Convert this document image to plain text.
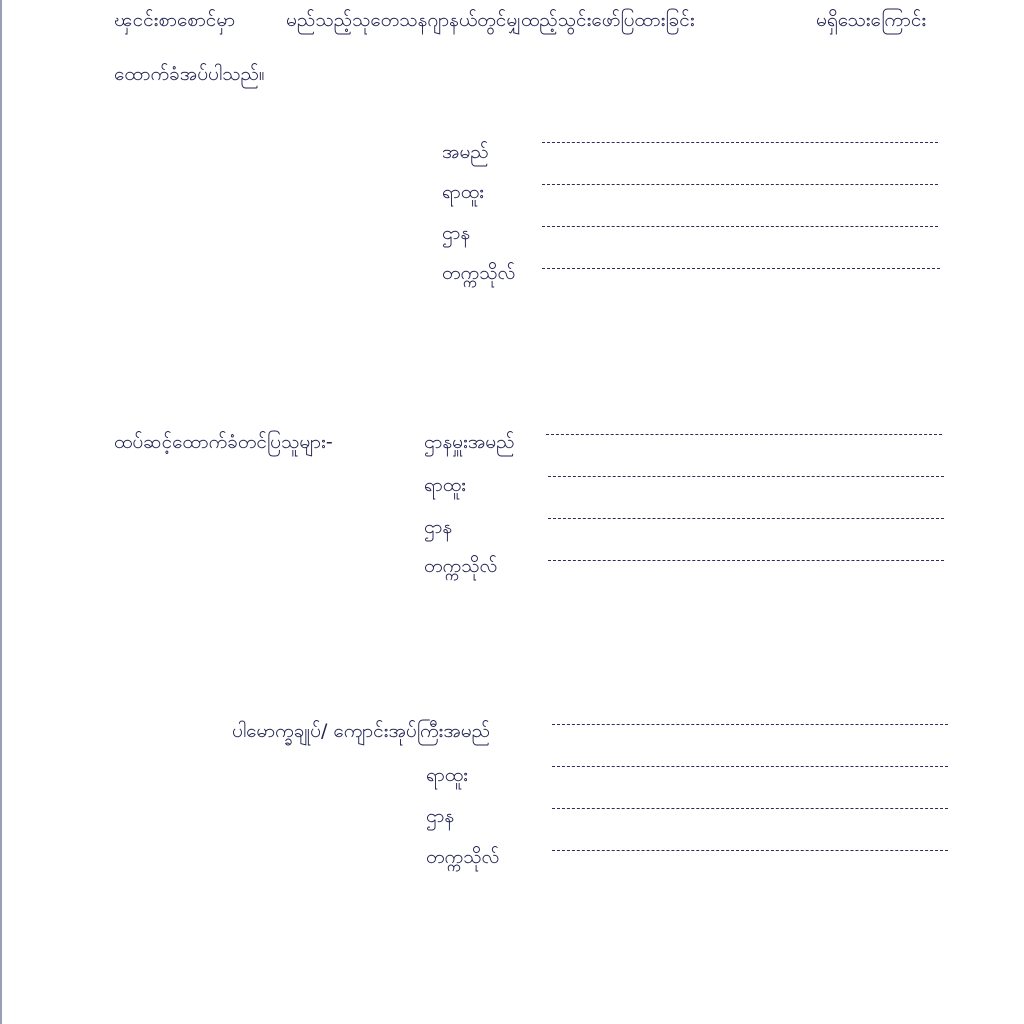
ၾငင်းစာစောင်မှာ	မည်သည့်သုတေသနဂျာနယ်တွင်မျှထည့်သွင်းဖော်ပြထားခြင်း	မရှိသေးကြောင်း
ထောက်ခံအပ်ပါသည်။
အမည်
ရာထူး
ဌာန
တက္ကသိုလ်
ထပ်ဆင့်ထောက်ခံတင်ပြသူများ-	ဌာနမှူးအမည်
ရာထူး
ဌာန
တက္ကသိုလ်
ပါမောက္ခချုပ်/ ကျောင်းအုပ်ကြီးအမည်
ရာထူး
ဌာန
တက္ကသိုလ်
